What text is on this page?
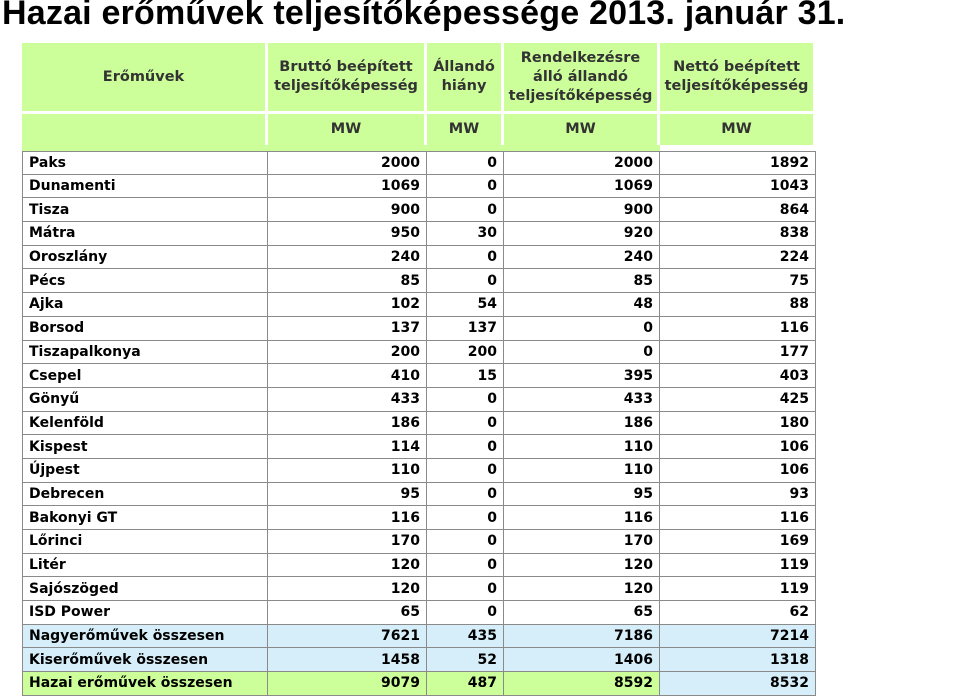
Hazai erőművek teljesítőképessége 2013. január 31.
Erőművek	Bruttó beépített teljesítőképesség	Állandó hiány	Rendelkezésre álló állandó teljesítőképesség	Nettó beépített teljesítőképesség
	MW	MW	MW	MW

Paks	2000	0	2000	1892
Dunamenti	1069	0	1069	1043
Tisza	900	0	900	864
Mátra	950	30	920	838
Oroszlány	240	0	240	224
Pécs	85	0	85	75
Ajka	102	54	48	88
Borsod	137	137	0	116
Tiszapalkonya	200	200	0	177
Csepel	410	15	395	403
Gönyű	433	0	433	425
Kelenföld	186	0	186	180
Kispest	114	0	110	106
Újpest	110	0	110	106
Debrecen	95	0	95	93
Bakonyi GT	116	0	116	116
Lőrinci	170	0	170	169
Litér	120	0	120	119
Sajószöged	120	0	120	119
ISD Power	65	0	65	62
Nagyerőművek összesen	7621	435	7186	7214
Kiserőművek összesen	1458	52	1406	1318
Hazai erőművek összesen	9079	487	8592	8532
